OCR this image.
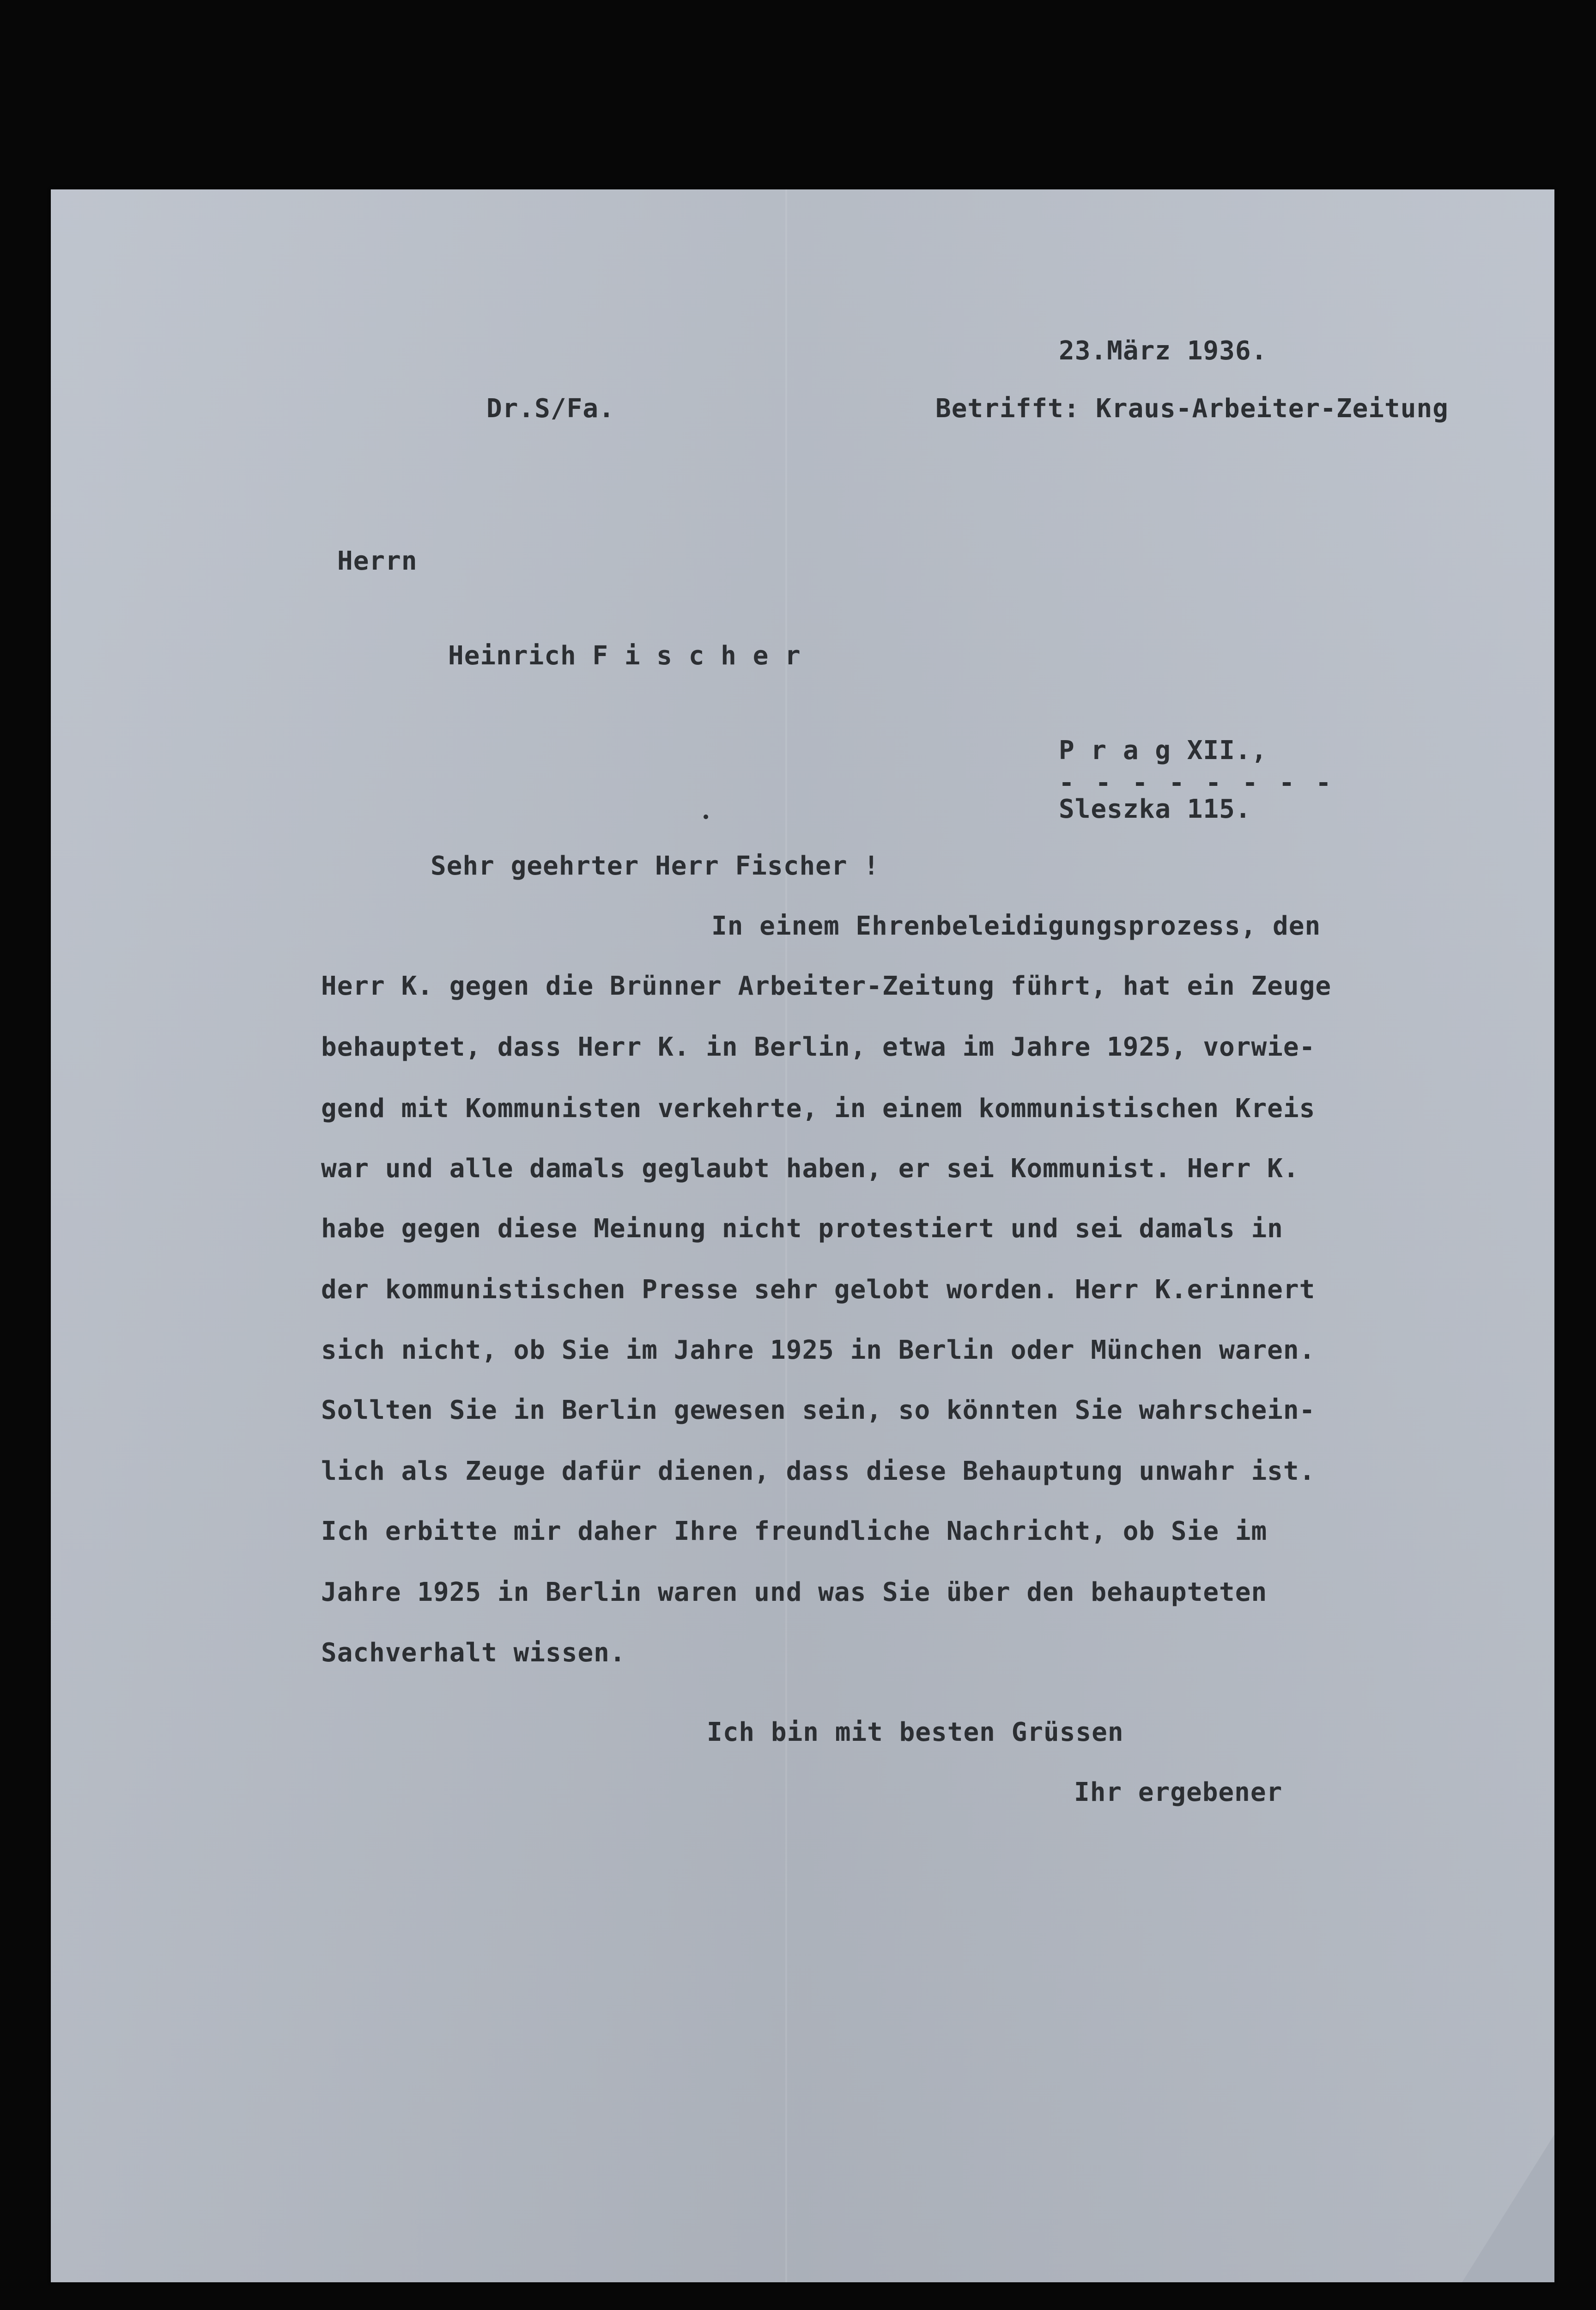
23.März 1936.

Dr.S/Fa.	Betrifft: Kraus-Arbeiter-Zeitung

Herrn

Heinrich F i s c h e r

P r a g XII.,

- - - - - - - -

Sleszka 115.

Sehr geehrter Herr Fischer !

In einem Ehrenbeleidigungsprozess, den

Herr K. gegen die Brünner Arbeiter-Zeitung führt, hat ein Zeuge

behauptet, dass Herr K. in Berlin, etwa im Jahre 1925, vorwie-

gend mit Kommunisten verkehrte, in einem kommunistischen Kreis

war und alle damals geglaubt haben, er sei Kommunist. Herr K.

habe gegen diese Meinung nicht protestiert und sei damals in

der kommunistischen Presse sehr gelobt worden. Herr K.erinnert

sich nicht, ob Sie im Jahre 1925 in Berlin oder München waren.

Sollten Sie in Berlin gewesen sein, so könnten Sie wahrschein-

lich als Zeuge dafür dienen, dass diese Behauptung unwahr ist.

Ich erbitte mir daher Ihre freundliche Nachricht, ob Sie im

Jahre 1925 in Berlin waren und was Sie über den behaupteten

Sachverhalt wissen.

Ich bin mit besten Grüssen

Ihr ergebener
